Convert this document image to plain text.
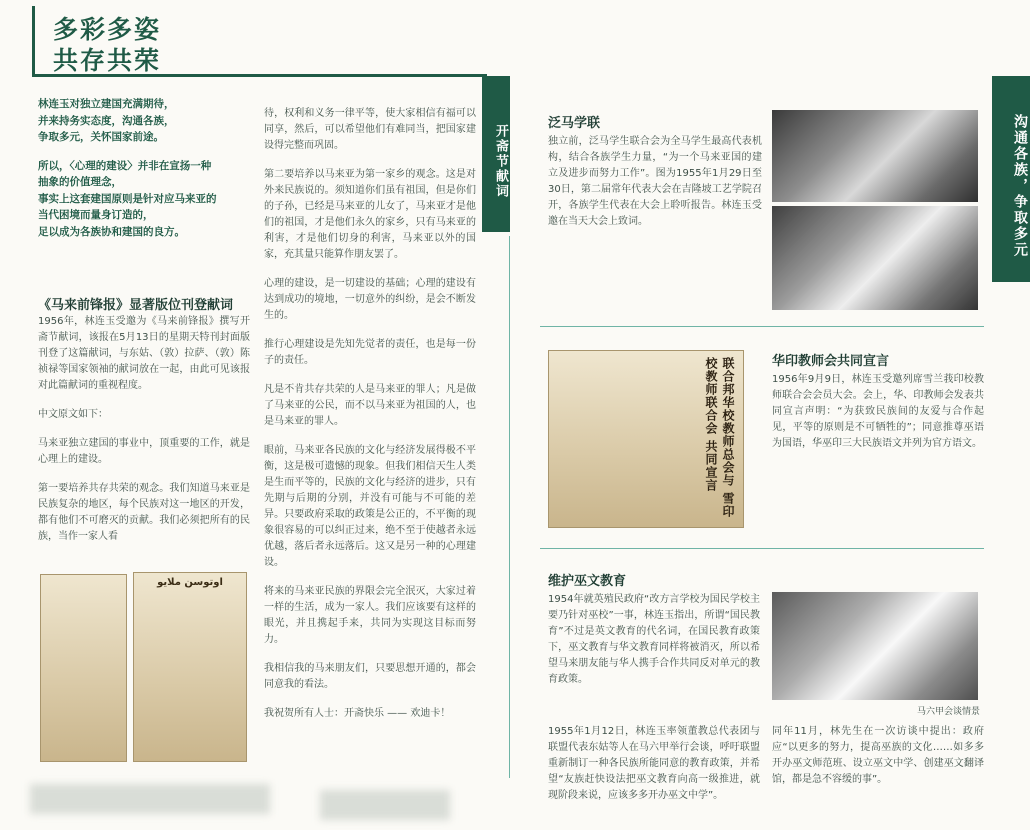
多彩多姿
共存共荣
开斋节献词	沟通各族，争取多元
林连玉对独立建国充满期待，
并来持务实态度，沟通各族，
争取多元，关怀国家前途。
所以，〈心理的建设〉并非在宣扬一种
抽象的价值理念，
事实上这套建国原则是针对应马来亚的
当代困境而量身订造的，
足以成为各族协和建国的良方。
《马来前锋报》显著版位刊登献词

1956年，林连玉受邀为《马来前锋报》撰写开斋节献词，该报在5月13日的星期天特刊封面版刊登了这篇献词，与东姑、（敦）拉萨、（敦）陈祯禄等国家领袖的献词放在一起，由此可见该报对此篇献词的重视程度。

中文原文如下：

马来亚独立建国的事业中，顶重要的工作，就是心理上的建设。

第一要培养共存共荣的观念。我们知道马来亚是民族复杂的地区，每个民族对这一地区的开发，都有他们不可磨灭的贡献。我们必须把所有的民族，当作一家人看

اوتوسن ملايو

待，权利和义务一律平等，使大家相信有福可以同享，然后，可以希望他们有难同当，把国家建设得完整而巩固。

第二要培养以马来亚为第一家乡的观念。这是对外来民族说的。须知道你们虽有祖国，但是你们的子孙，已经是马来亚的儿女了，马来亚才是他们的祖国，才是他们永久的家乡，只有马来亚的利害，才是他们切身的利害，马来亚以外的国家，充其量只能算作朋友罢了。

心理的建设，是一切建设的基础；心理的建设有达到成功的境地，一切意外的纠纷，是会不断发生的。

推行心理建设是先知先觉者的责任，也是每一份子的责任。

凡是不肯共存共荣的人是马来亚的罪人；凡是做了马来亚的公民，而不以马来亚为祖国的人，也是马来亚的罪人。

眼前，马来亚各民族的文化与经济发展得极不平衡，这是极可遗憾的现象。但我们相信天生人类是生而平等的，民族的文化与经济的进步，只有先期与后期的分别，并没有可能与不可能的差异。只要政府采取的政策是公正的，不平衡的现象很容易的可以纠正过来，绝不至于使越者永远优越，落后者永远落后。这又是另一种的心理建设。

将来的马来亚民族的界限会完全泯灭，大家过着一样的生活，成为一家人。我们应该要有这样的眼光，并且携起手来，共同为实现这目标而努力。

我相信我的马来朋友们，只要思想开通的，都会同意我的看法。

我祝贺所有人士：开斋快乐 —— 欢迪卡！

泛马学联

独立前，泛马学生联合会为全马学生最高代表机构，结合各族学生力量，“为一个马来亚国的建立及进步而努力工作”。图为1955年1月29日至30日，第二届常年代表大会在吉隆坡工艺学院召开，各族学生代表在大会上聆听报告。林连玉受邀在当天大会上致词。

联合邦华校教师总会与 雪印校教师联合会 共同宣言	华印教师会共同宣言

1956年9月9日，林连玉受邀列席雪兰莪印校教师联合会会员大会。会上，华、印教师会发表共同宣言声明：“为获致民族间的友爱与合作起见，平等的原则是不可牺牲的”；同意推尊巫语为国语，华巫印三大民族语文并列为官方语文。

维护巫文教育

1954年就英殖民政府“改方言学校为国民学校主要乃针对巫校”一事，林连玉指出，所谓“国民教育”不过是英文教育的代名词，在国民教育政策下，巫文教育与华文教育同样将被消灭，所以希望马来朋友能与华人携手合作共同反对单元的教育政策。

马六甲会谈情景

1955年1月12日，林连玉率领董教总代表团与联盟代表东姑等人在马六甲举行会谈，呼吁联盟重新制订一种各民族所能同意的教育政策，并希望“友族赶快设法把巫文教育向高一级推进，就现阶段来说，应该多多开办巫文中学”。

同年11月，林先生在一次访谈中提出：政府应“以更多的努力，提高巫族的文化……如多多开办巫文师范班、设立巫文中学、创建巫文翻译馆，都是急不容缓的事”。
